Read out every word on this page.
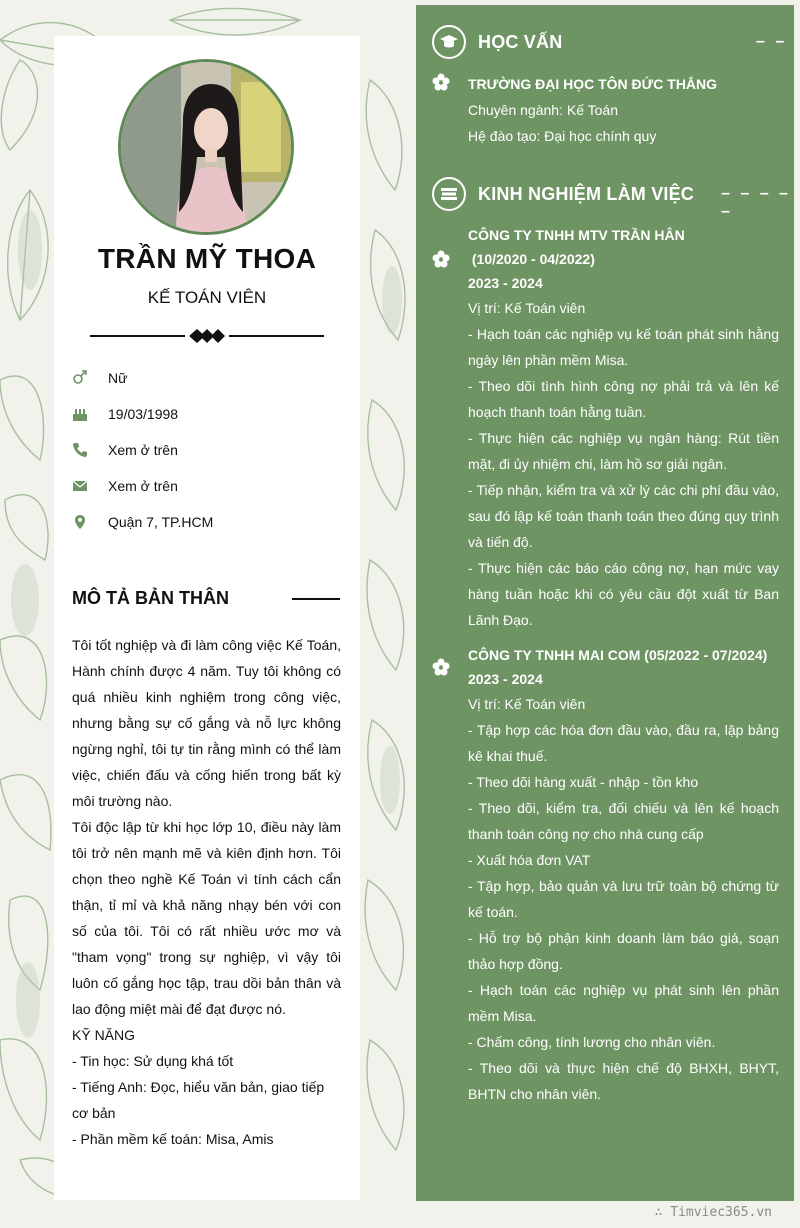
TRẦN MỸ THOA
KẾ TOÁN VIÊN
Nữ
19/03/1998
Xem ở trên
Xem ở trên
Quận 7, TP.HCM
MÔ TẢ BẢN THÂN

Tôi tốt nghiệp và đi làm công việc Kế Toán, Hành chính được 4 năm. Tuy tôi không có quá nhiều kinh nghiệm trong công việc, nhưng bằng sự cố gắng và nỗ lực không ngừng nghỉ, tôi tự tin rằng mình có thể làm việc, chiến đấu và cống hiến trong bất kỳ môi trường nào.

Tôi độc lập từ khi học lớp 10, điều này làm tôi trở nên mạnh mẽ và kiên định hơn. Tôi chọn theo nghề Kế Toán vì tính cách cẩn thận, tỉ mỉ và khả năng nhạy bén với con số của tôi. Tôi có rất nhiều ước mơ và "tham vọng" trong sự nghiệp, vì vậy tôi luôn cố gắng học tập, trau dồi bản thân và lao động miệt mài để đạt được nó.

KỸ NĂNG

- Tin học: Sử dụng khá tốt

- Tiếng Anh: Đọc, hiểu văn bản, giao tiếp cơ bản

- Phần mềm kế toán: Misa, Amis

HỌC VẤN	– –
TRƯỜNG ĐẠI HỌC TÔN ĐỨC THẮNG
Chuyên ngành: Kế Toán
Hệ đào tạo: Đại học chính quy
KINH NGHIỆM LÀM VIỆC – – – – –
CÔNG TY TNHH MTV TRẦN HÂN
(10/2020 - 04/2022)
2023 - 2024
Vị trí: Kế Toán viên
- Hạch toán các nghiệp vụ kế toán phát sinh hằng ngày lên phần mềm Misa.
- Theo dõi tình hình công nợ phải trả và lên kế hoạch thanh toán hằng tuần.
- Thực hiện các nghiệp vụ ngân hàng: Rút tiền mặt, đi ủy nhiệm chi, làm hồ sơ giải ngân.
- Tiếp nhận, kiểm tra và xử lý các chi phí đầu vào, sau đó lập kế toán thanh toán theo đúng quy trình và tiến độ.
- Thực hiện các báo cáo công nợ, hạn mức vay hàng tuần hoặc khi có yêu cầu đột xuất từ Ban Lãnh Đạo.
CÔNG TY TNHH MAI COM (05/2022 - 07/2024)
2023 - 2024
Vị trí: Kế Toán viên
- Tập hợp các hóa đơn đầu vào, đầu ra, lập bảng kê khai thuế.
- Theo dõi hàng xuất - nhập - tồn kho
- Theo dõi, kiểm tra, đối chiếu và lên kế hoạch thanh toán công nợ cho nhà cung cấp
- Xuất hóa đơn VAT
- Tập hợp, bảo quản và lưu trữ toàn bộ chứng từ kế toán.
- Hỗ trợ bộ phận kinh doanh làm báo giá, soạn thảo hợp đồng.
- Hạch toán các nghiệp vụ phát sinh lên phần mềm Misa.
- Chấm công, tính lương cho nhân viên.
- Theo dõi và thực hiện chế độ BHXH, BHYT, BHTN cho nhân viên.
∴ Timviec365.vn
